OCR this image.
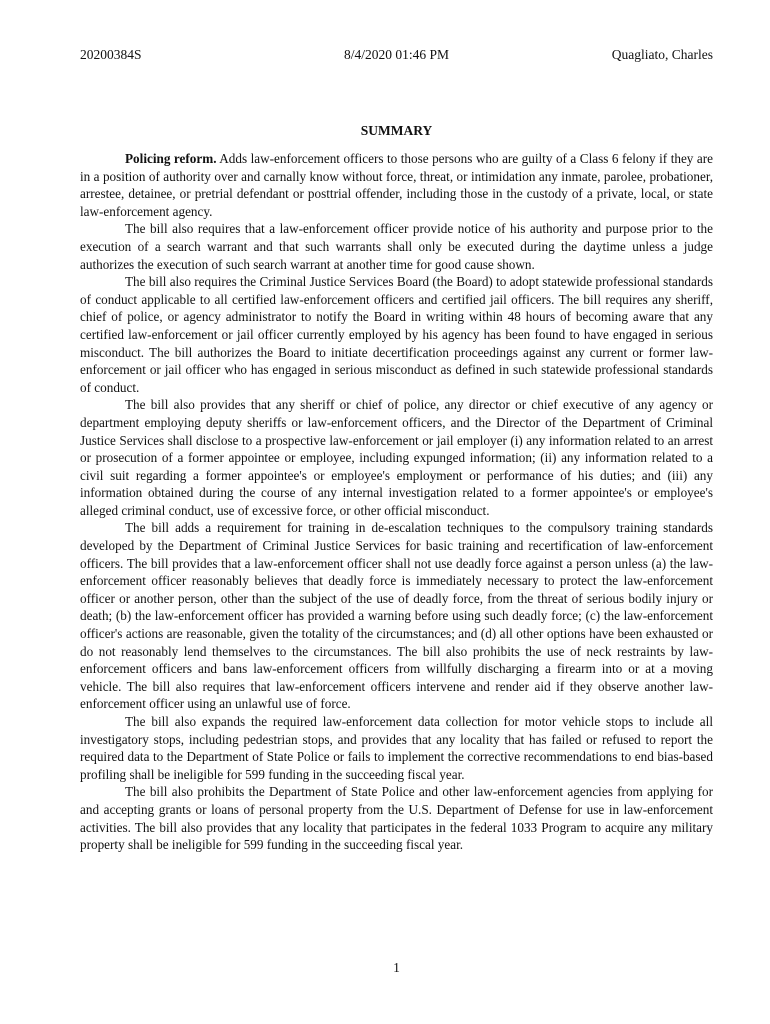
20200384S	8/4/2020 01:46 PM	Quagliato, Charles
SUMMARY

Policing reform. Adds law-enforcement officers to those persons who are guilty of a Class 6 felony if they are in a position of authority over and carnally know without force, threat, or intimidation any inmate, parolee, probationer, arrestee, detainee, or pretrial defendant or posttrial offender, including those in the custody of a private, local, or state law-enforcement agency.

The bill also requires that a law-enforcement officer provide notice of his authority and purpose prior to the execution of a search warrant and that such warrants shall only be executed during the daytime unless a judge authorizes the execution of such search warrant at another time for good cause shown.

The bill also requires the Criminal Justice Services Board (the Board) to adopt statewide professional standards of conduct applicable to all certified law-enforcement officers and certified jail officers. The bill requires any sheriff, chief of police, or agency administrator to notify the Board in writing within 48 hours of becoming aware that any certified law-enforcement or jail officer currently employed by his agency has been found to have engaged in serious misconduct. The bill authorizes the Board to initiate decertification proceedings against any current or former law-enforcement or jail officer who has engaged in serious misconduct as defined in such statewide professional standards of conduct.

The bill also provides that any sheriff or chief of police, any director or chief executive of any agency or department employing deputy sheriffs or law-enforcement officers, and the Director of the Department of Criminal Justice Services shall disclose to a prospective law-enforcement or jail employer (i) any information related to an arrest or prosecution of a former appointee or employee, including expunged information; (ii) any information related to a civil suit regarding a former appointee's or employee's employment or performance of his duties; and (iii) any information obtained during the course of any internal investigation related to a former appointee's or employee's alleged criminal conduct, use of excessive force, or other official misconduct.

The bill adds a requirement for training in de-escalation techniques to the compulsory training standards developed by the Department of Criminal Justice Services for basic training and recertification of law-enforcement officers. The bill provides that a law-enforcement officer shall not use deadly force against a person unless (a) the law-enforcement officer reasonably believes that deadly force is immediately necessary to protect the law-enforcement officer or another person, other than the subject of the use of deadly force, from the threat of serious bodily injury or death; (b) the law-enforcement officer has provided a warning before using such deadly force; (c) the law-enforcement officer's actions are reasonable, given the totality of the circumstances; and (d) all other options have been exhausted or do not reasonably lend themselves to the circumstances. The bill also prohibits the use of neck restraints by law-enforcement officers and bans law-enforcement officers from willfully discharging a firearm into or at a moving vehicle. The bill also requires that law-enforcement officers intervene and render aid if they observe another law-enforcement officer using an unlawful use of force.

The bill also expands the required law-enforcement data collection for motor vehicle stops to include all investigatory stops, including pedestrian stops, and provides that any locality that has failed or refused to report the required data to the Department of State Police or fails to implement the corrective recommendations to end bias-based profiling shall be ineligible for 599 funding in the succeeding fiscal year.

The bill also prohibits the Department of State Police and other law-enforcement agencies from applying for and accepting grants or loans of personal property from the U.S. Department of Defense for use in law-enforcement activities. The bill also provides that any locality that participates in the federal 1033 Program to acquire any military property shall be ineligible for 599 funding in the succeeding fiscal year.

1
